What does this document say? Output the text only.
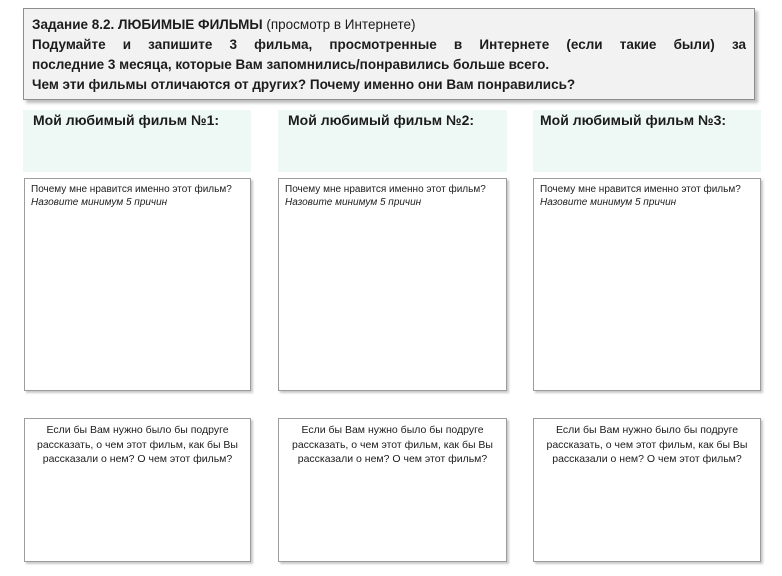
Задание 8.2. ЛЮБИМЫЕ ФИЛЬМЫ (просмотр в Интернете)
Подумайте и запишите 3 фильма, просмотренные в Интернете (если такие были) за
последние 3 месяца, которые Вам запомнились/понравились больше всего.
Чем эти фильмы отличаются от других? Почему именно они Вам понравились?
Мой любимый фильм №1:
Почему мне нравится именно этот фильм?
Назовите минимум 5 причин
Если бы Вам нужно было бы подруге рассказать, о чем этот фильм, как бы Вы рассказали о нем? О чем этот фильм?
Мой любимый фильм №2:
Почему мне нравится именно этот фильм?
Назовите минимум 5 причин
Если бы Вам нужно было бы подруге рассказать, о чем этот фильм, как бы Вы рассказали о нем? О чем этот фильм?
Мой любимый фильм №3:
Почему мне нравится именно этот фильм?
Назовите минимум 5 причин
Если бы Вам нужно было бы подруге рассказать, о чем этот фильм, как бы Вы рассказали о нем? О чем этот фильм?
